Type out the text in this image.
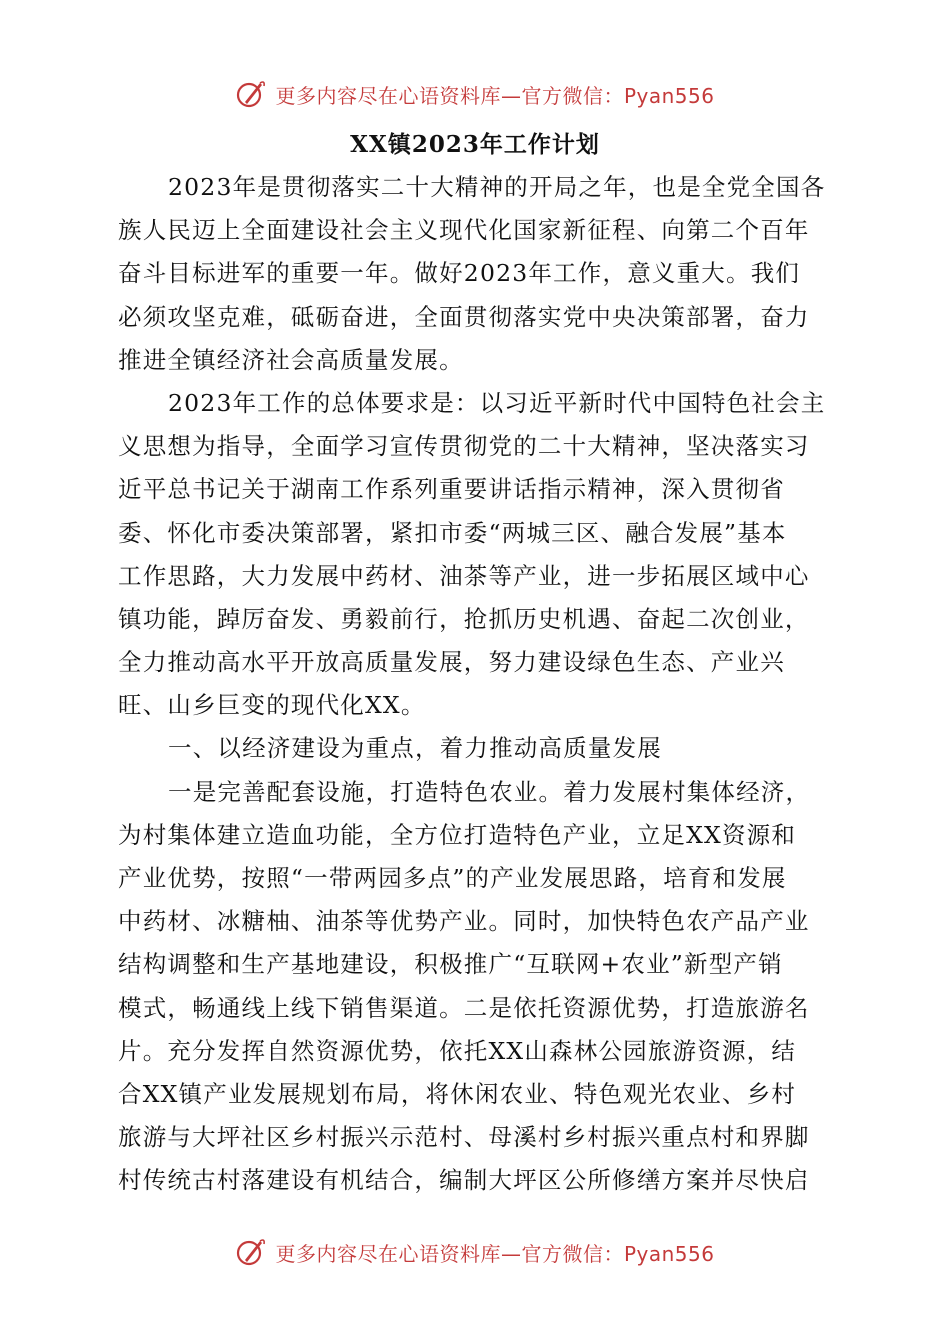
更多内容尽在心语资料库—官方微信：Pyan556
XX镇2023年工作计划
2023年是贯彻落实二十大精神的开局之年，也是全党全国各
族人民迈上全面建设社会主义现代化国家新征程、向第二个百年
奋斗目标进军的重要一年。做好2023年工作，意义重大。我们
必须攻坚克难，砥砺奋进，全面贯彻落实党中央决策部署，奋力
推进全镇经济社会高质量发展。
2023年工作的总体要求是：以习近平新时代中国特色社会主
义思想为指导，全面学习宣传贯彻党的二十大精神，坚决落实习
近平总书记关于湖南工作系列重要讲话指示精神，深入贯彻省
委、怀化市委决策部署，紧扣市委“两城三区、融合发展”基本
工作思路，大力发展中药材、油茶等产业，进一步拓展区域中心
镇功能，踔厉奋发、勇毅前行，抢抓历史机遇、奋起二次创业，
全力推动高水平开放高质量发展，努力建设绿色生态、产业兴
旺、山乡巨变的现代化XX。
一、以经济建设为重点，着力推动高质量发展
一是完善配套设施，打造特色农业。着力发展村集体经济，
为村集体建立造血功能，全方位打造特色产业，立足XX资源和
产业优势，按照“一带两园多点”的产业发展思路，培育和发展
中药材、冰糖柚、油茶等优势产业。同时，加快特色农产品产业
结构调整和生产基地建设，积极推广“互联网+农业”新型产销
模式，畅通线上线下销售渠道。二是依托资源优势，打造旅游名
片。充分发挥自然资源优势，依托XX山森林公园旅游资源，结
合XX镇产业发展规划布局，将休闲农业、特色观光农业、乡村
旅游与大坪社区乡村振兴示范村、母溪村乡村振兴重点村和界脚
村传统古村落建设有机结合，编制大坪区公所修缮方案并尽快启
更多内容尽在心语资料库—官方微信：Pyan556
